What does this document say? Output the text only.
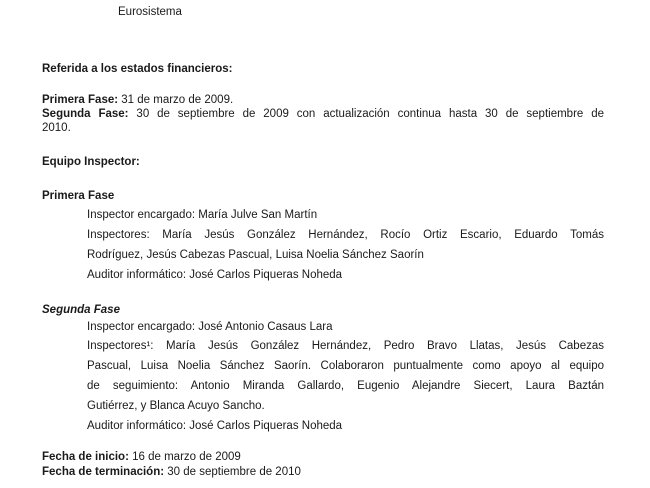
Eurosistema
Referida a los estados financieros:
Primera Fase: 31 de marzo de 2009.
Segunda Fase: 30 de septiembre de 2009 con actualización continua hasta 30 de septiembre de
2010.
Equipo Inspector:
Primera Fase
Inspector encargado: María Julve San Martín
Inspectores: María Jesús González Hernández, Rocío Ortiz Escario, Eduardo Tomás
Rodríguez, Jesús Cabezas Pascual, Luisa Noelia Sánchez Saorín
Auditor informático: José Carlos Piqueras Noheda
Segunda Fase
Inspector encargado: José Antonio Casaus Lara
Inspectores¹: María Jesús González Hernández, Pedro Bravo Llatas, Jesús Cabezas
Pascual, Luisa Noelia Sánchez Saorín. Colaboraron puntualmente como apoyo al equipo
de seguimiento: Antonio Miranda Gallardo, Eugenio Alejandre Siecert, Laura Baztán
Gutiérrez, y Blanca Acuyo Sancho.
Auditor informático: José Carlos Piqueras Noheda
Fecha de inicio: 16 de marzo de 2009
Fecha de terminación: 30 de septiembre de 2010
